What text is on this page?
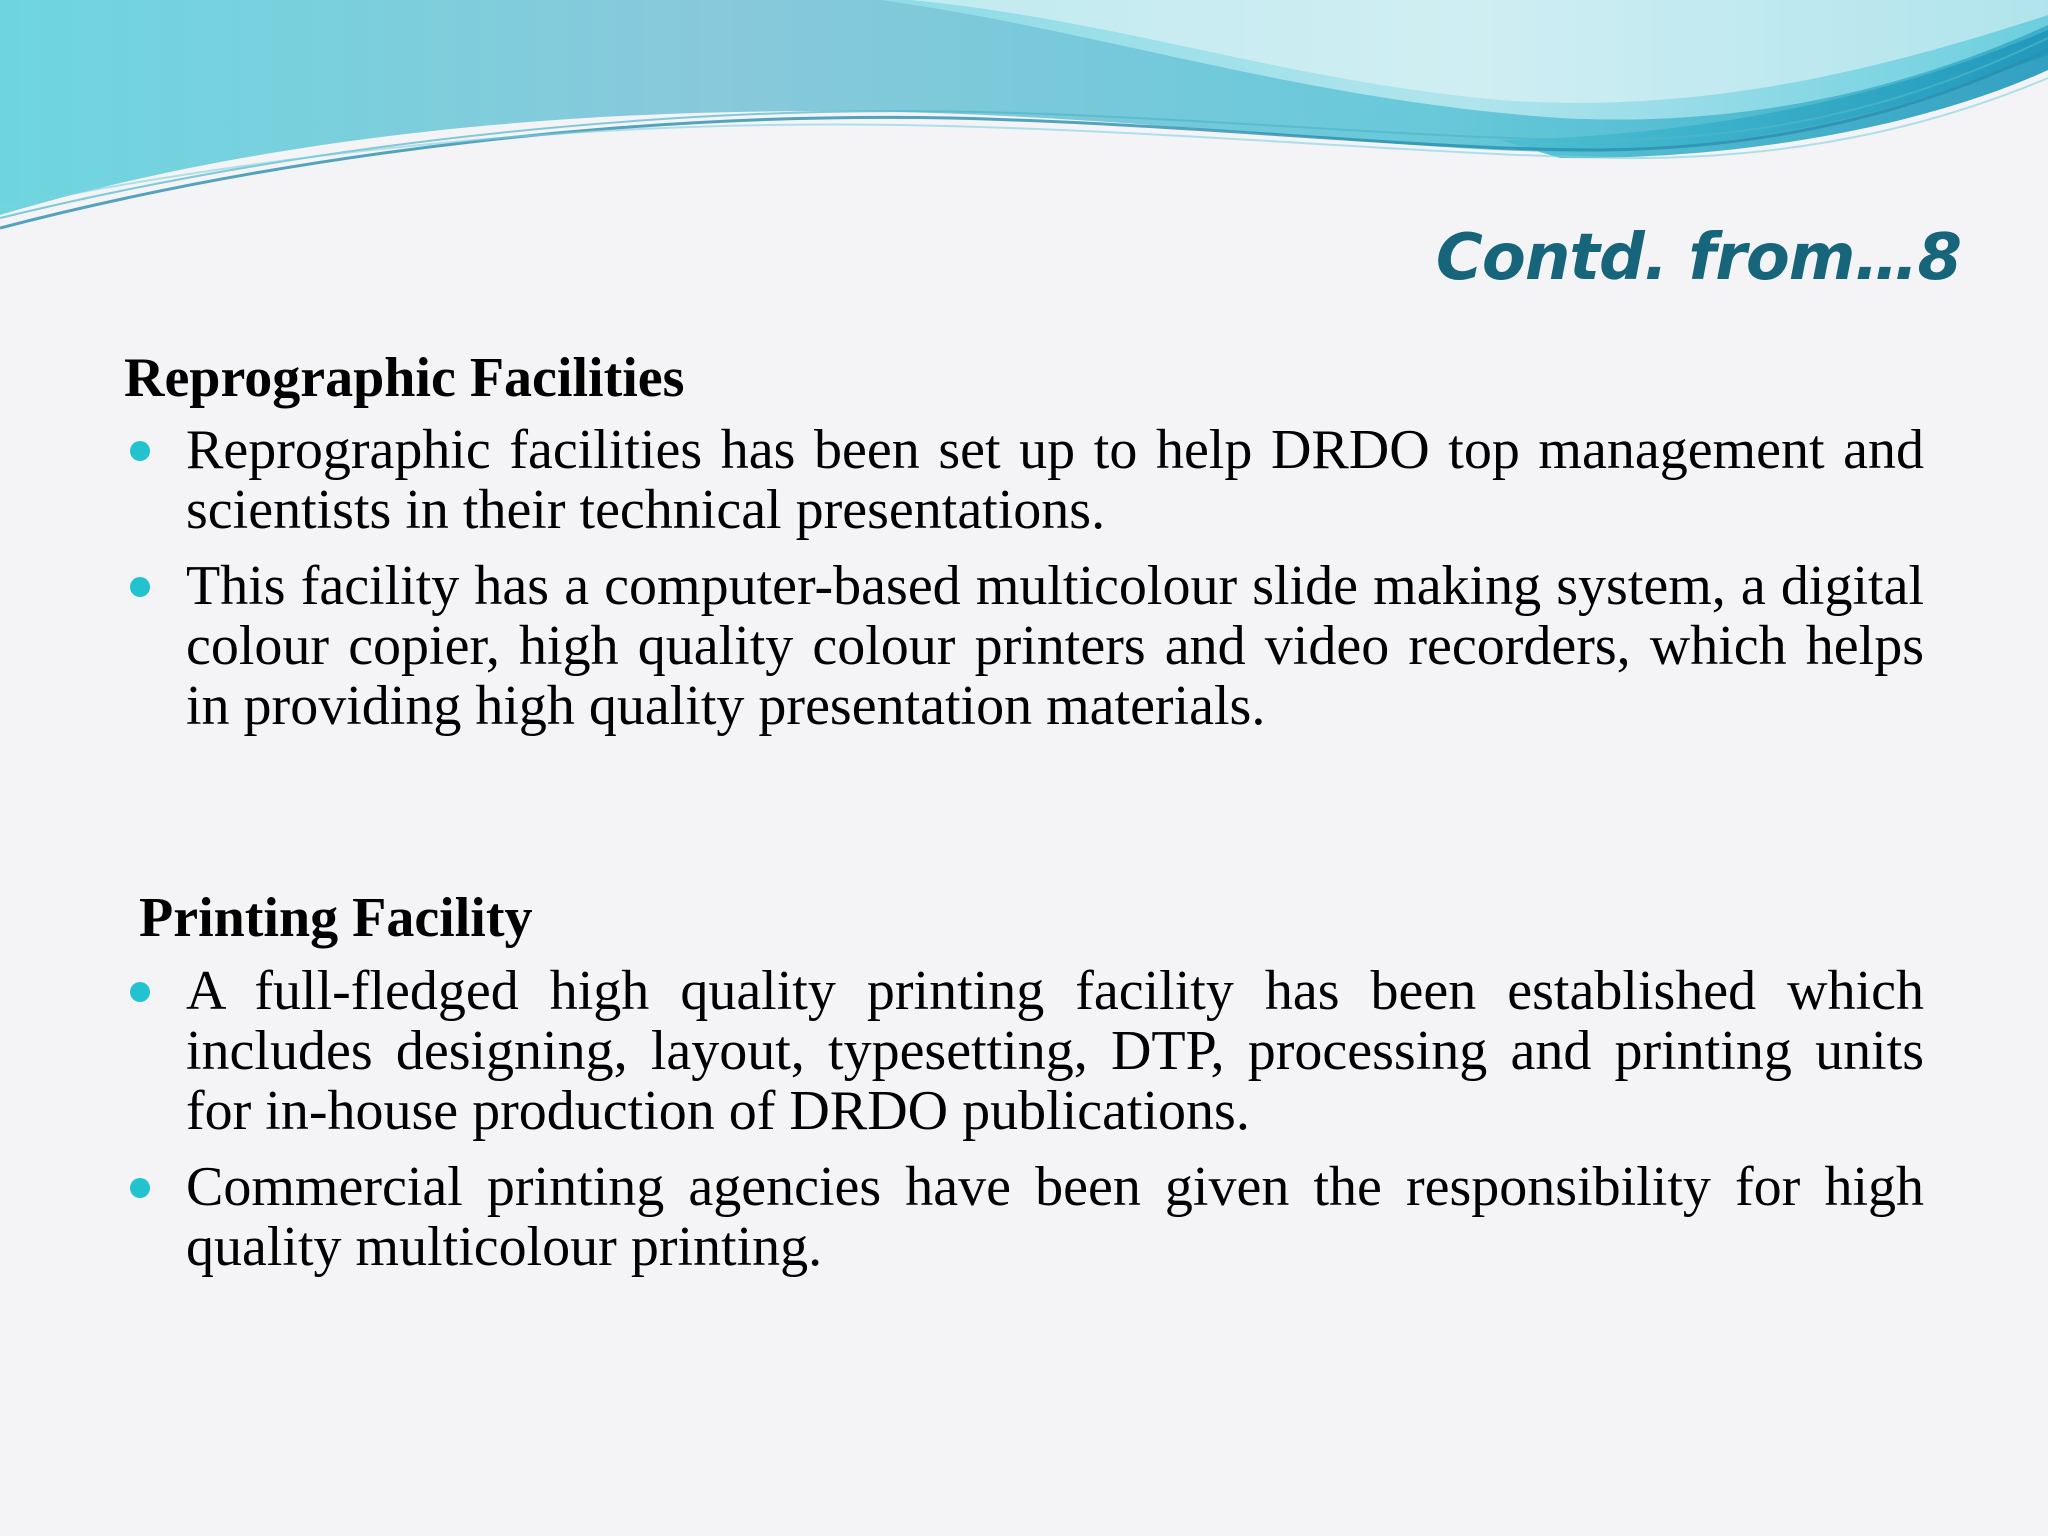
Contd. from…8
Reprographic Facilities
Reprographic facilities has been set up to help DRDO top management and scientists in their technical presentations.
This facility has a computer-based multicolour slide making system, a digital colour copier, high quality colour printers and video recorders, which helps in providing high quality presentation materials.
Printing Facility
A full-fledged high quality printing facility has been established which includes designing, layout, typesetting, DTP, processing and printing units for in-house production of DRDO publications.
Commercial printing agencies have been given the responsibility for high quality multicolour printing.
